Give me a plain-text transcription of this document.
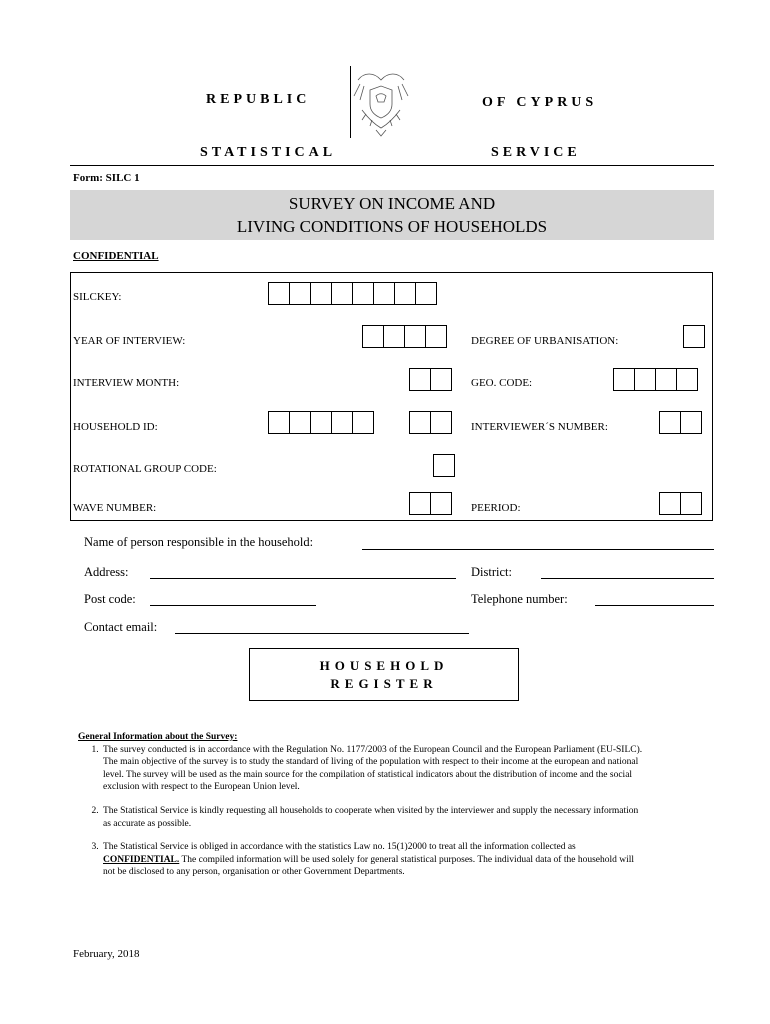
REPUBLIC	OF CYPRUS
STATISTICAL	SERVICE
Form: SILC 1
SURVEY ON INCOME AND
LIVING CONDITIONS OF HOUSEHOLDS
CONFIDENTIAL
SILCKEY:
YEAR OF INTERVIEW:	DEGREE OF URBANISATION:
INTERVIEW MONTH:	GEO. CODE:
HOUSEHOLD ID:	INTERVIEWER´S NUMBER:
ROTATIONAL GROUP CODE:
WAVE NUMBER:	PEERIOD:
Name of person responsible in the household:
Address:	District:
Post code:	Telephone number:
Contact email:
HOUSEHOLD
REGISTER
General Information about the Survey:
1. The survey conducted is in accordance with the Regulation No. 1177/2003 of the European Council and the European Parliament (EU-SILC). The main objective of the survey is to study the standard of living of the population with respect to their income at the european and national level. The survey will be used as the main source for the compilation of statistical indicators about the distribution of income and the social exclusion with respect to the European Union level.
2. The Statistical Service is kindly requesting all households to cooperate when visited by the interviewer and supply the necessary information as accurate as possible.
3. The Statistical Service is obliged in accordance with the statistics Law no. 15(1)2000 to treat all the information collected as CONFIDENTIAL. The compiled information will be used solely for general statistical purposes. The individual data of the household will not be disclosed to any person, organisation or other Government Departments.
February, 2018
